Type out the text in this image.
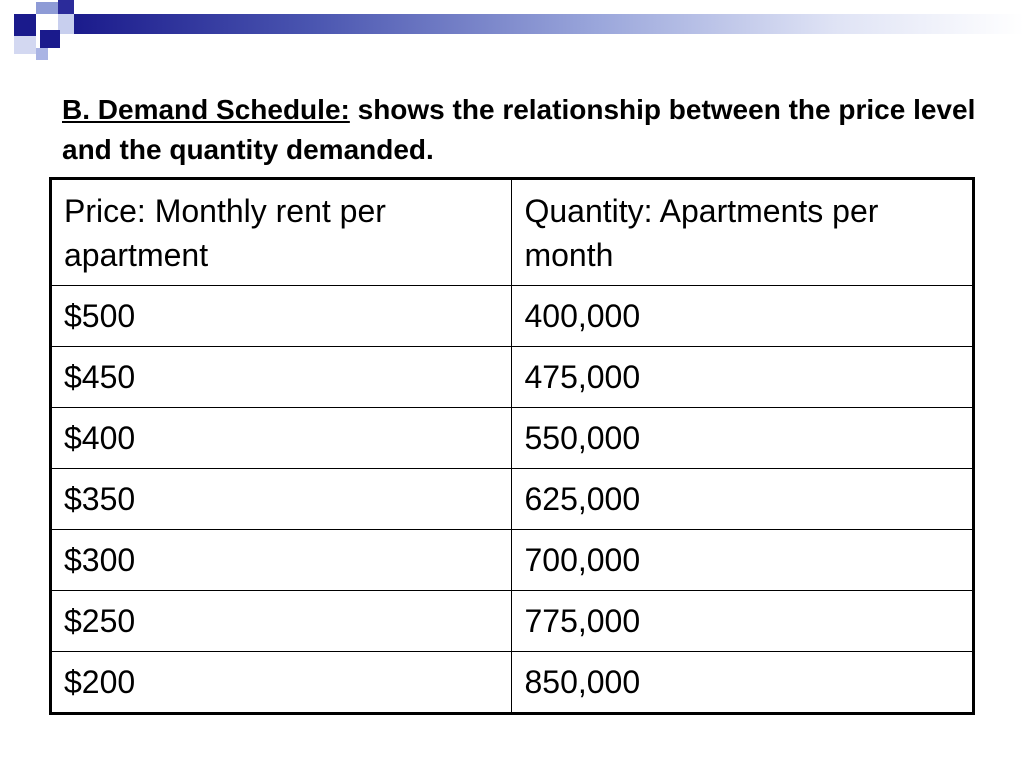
B. Demand Schedule: shows the relationship between the price level and the quantity demanded.
Price: Monthly rent per apartment	Quantity: Apartments per month
$500	400,000
$450	475,000
$400	550,000
$350	625,000
$300	700,000
$250	775,000
$200	850,000
